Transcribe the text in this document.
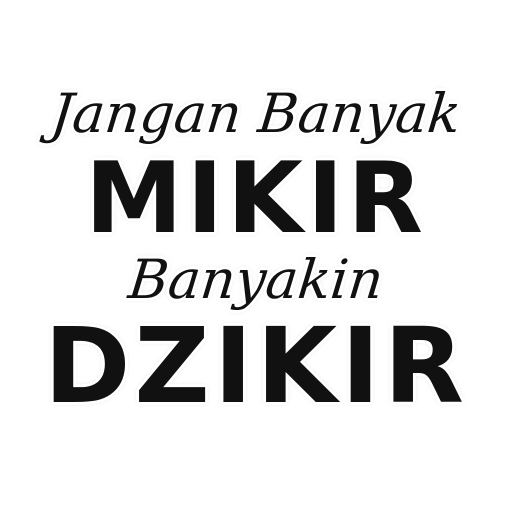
Jangan Banyak
MIKIR
Banyakin
DZIKIR
